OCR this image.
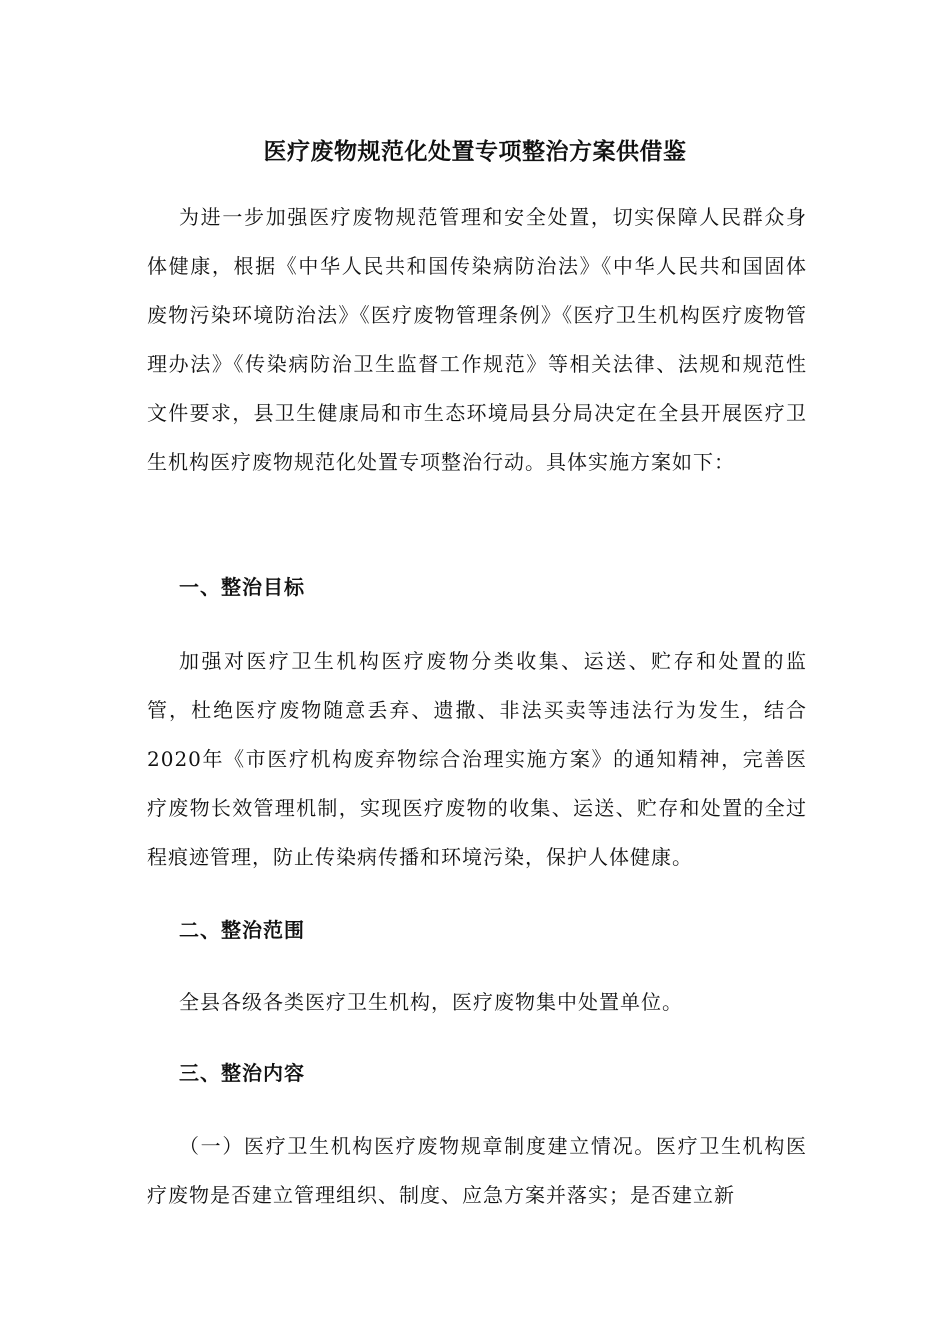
医疗废物规范化处置专项整治方案供借鉴

为进一步加强医疗废物规范管理和安全处置，切实保障人民群众身体健康，根据《中华人民共和国传染病防治法》《中华人民共和国固体废物污染环境防治法》《医疗废物管理条例》《医疗卫生机构医疗废物管理办法》《传染病防治卫生监督工作规范》等相关法律、法规和规范性文件要求，县卫生健康局和市生态环境局县分局决定在全县开展医疗卫生机构医疗废物规范化处置专项整治行动。具体实施方案如下：

一、整治目标

加强对医疗卫生机构医疗废物分类收集、运送、贮存和处置的监管，杜绝医疗废物随意丢弃、遗撒、非法买卖等违法行为发生，结合2020年《市医疗机构废弃物综合治理实施方案》的通知精神，完善医疗废物长效管理机制，实现医疗废物的收集、运送、贮存和处置的全过程痕迹管理，防止传染病传播和环境污染，保护人体健康。

二、整治范围

全县各级各类医疗卫生机构，医疗废物集中处置单位。

三、整治内容

（一）医疗卫生机构医疗废物规章制度建立情况。医疗卫生机构医疗废物是否建立管理组织、制度、应急方案并落实；是否建立新
